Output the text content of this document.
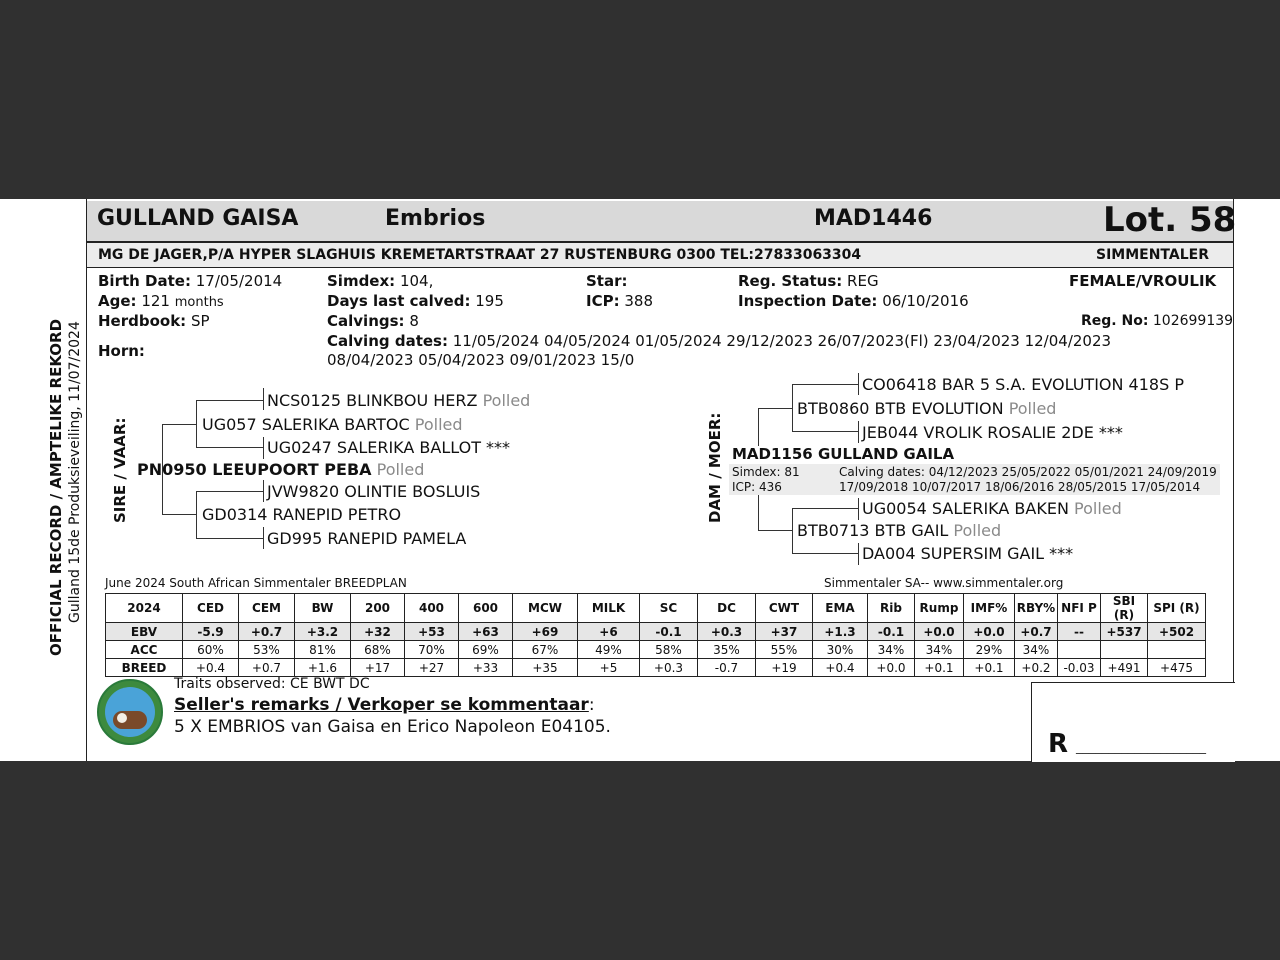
GULLAND GAISA	Embrios	MAD1446	Lot. 58
MG DE JAGER,P/A HYPER SLAGHUIS KREMETARTSTRAAT 27 RUSTENBURG 0300 TEL:27833063304	SIMMENTALER
Birth Date: 17/05/2014
Age: 121 months
Herdbook: SP
Horn:
Simdex: 104,
Days last calved: 195
Calvings: 8
Calving dates: 11/05/2024 04/05/2024 01/05/2024 29/12/2023 26/07/2023(Fl) 23/04/2023 12/04/2023
08/04/2023 05/04/2023 09/01/2023 15/0
Star:
ICP: 388
Reg. Status: REG
Inspection Date: 06/10/2016
FEMALE/VROULIK
Reg. No: 102699139
OFFICIAL RECORD / AMPTELIKE REKORD Gulland 15de Produksieveiling, 11/07/2024 SIRE / VAAR:
NCS0125 BLINKBOU HERZ Polled
UG057 SALERIKA BARTOC Polled
UG0247 SALERIKA BALLOT ***
PN0950 LEEUPOORT PEBA Polled
JVW9820 OLINTIE BOSLUIS
GD0314 RANEPID PETRO
GD995 RANEPID PAMELA
DAM / MOER:
CO06418 BAR 5 S.A. EVOLUTION 418S P
BTB0860 BTB EVOLUTION Polled
JEB044 VROLIK ROSALIE 2DE ***
MAD1156 GULLAND GAILA
Simdex: 81
ICP: 436
Calving dates: 04/12/2023 25/05/2022 05/01/2021 24/09/2019
17/09/2018 10/07/2017 18/06/2016 28/05/2015 17/05/2014
UG0054 SALERIKA BAKEN Polled
BTB0713 BTB GAIL Polled
DA004 SUPERSIM GAIL ***
June 2024 South African Simmentaler BREEDPLAN	Simmentaler SA-- www.simmentaler.org
2024	CED	CEM	BW	200	400	600	MCW	MILK	SC	DC	CWT	EMA	Rib	Rump	IMF%	RBY%	NFI P	SBI (R)	SPI (R)
EBV	-5.9	+0.7	+3.2	+32	+53	+63	+69	+6	-0.1	+0.3	+37	+1.3	-0.1	+0.0	+0.0	+0.7	--	+537	+502
ACC	60%	53%	81%	68%	70%	69%	67%	49%	58%	35%	55%	30%	34%	34%	29%	34%			
BREED	+0.4	+0.7	+1.6	+17	+27	+33	+35	+5	+0.3	-0.7	+19	+0.4	+0.0	+0.1	+0.1	+0.2	-0.03	+491	+475
Traits observed: CE BWT DC
Seller's remarks / Verkoper se kommentaar:
5 X EMBRIOS van Gaisa en Erico Napoleon E04105.
R ____________________
